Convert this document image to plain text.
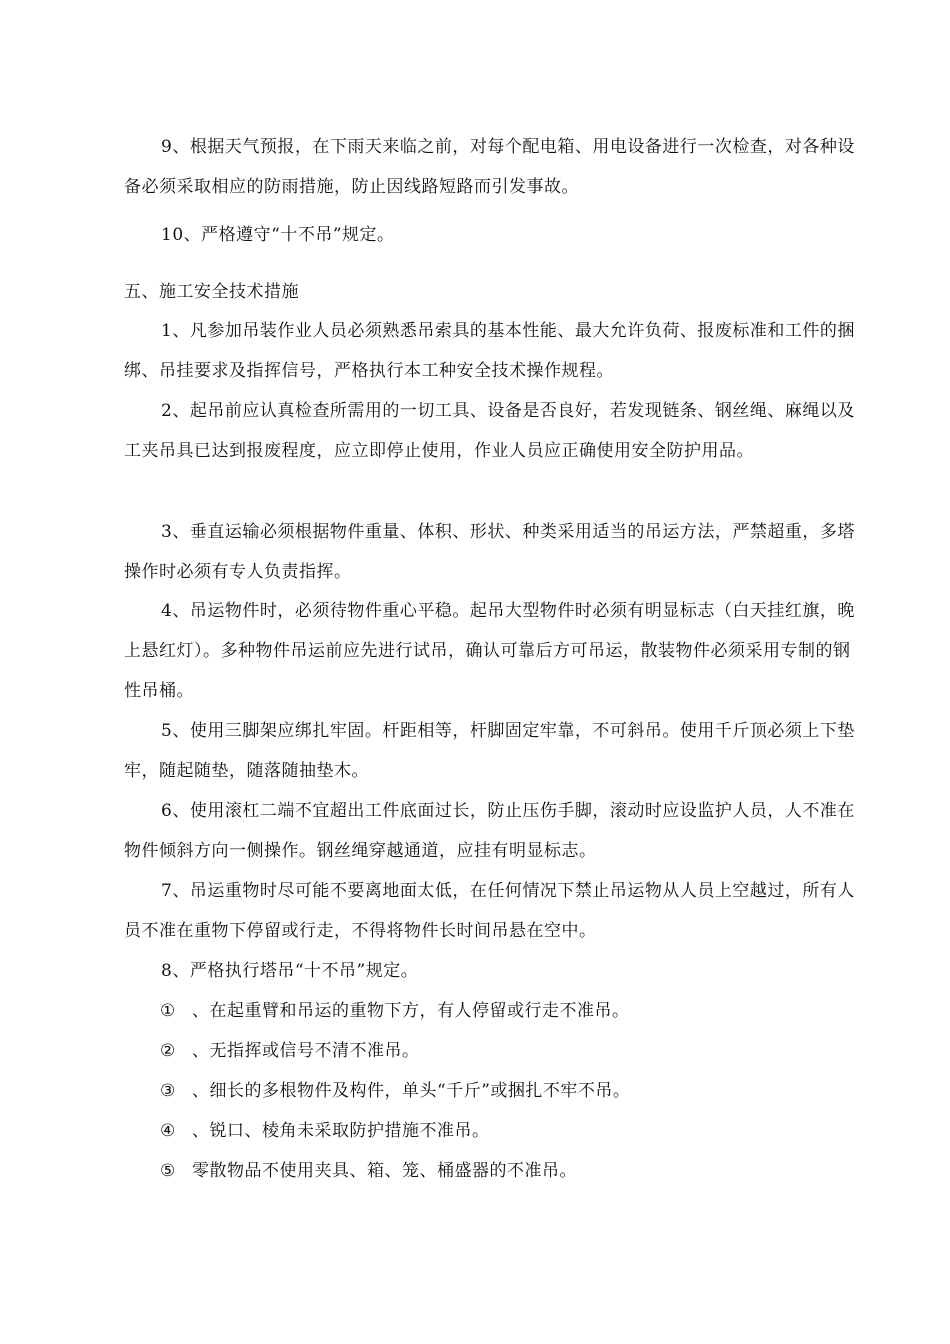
9、根据天气预报，在下雨天来临之前，对每个配电箱、用电设备进行一次检查，对各种设备必须采取相应的防雨措施，防止因线路短路而引发事故。

10、严格遵守“十不吊”规定。

五、施工安全技术措施

1、凡参加吊装作业人员必须熟悉吊索具的基本性能、最大允许负荷、报废标准和工件的捆绑、吊挂要求及指挥信号，严格执行本工种安全技术操作规程。

2、起吊前应认真检查所需用的一切工具、设备是否良好，若发现链条、钢丝绳、麻绳以及工夹吊具已达到报废程度，应立即停止使用，作业人员应正确使用安全防护用品。

3、垂直运输必须根据物件重量、体积、形状、种类采用适当的吊运方法，严禁超重，多塔操作时必须有专人负责指挥。

4、吊运物件时，必须待物件重心平稳。起吊大型物件时必须有明显标志（白天挂红旗，晚上悬红灯）。多种物件吊运前应先进行试吊，确认可靠后方可吊运，散装物件必须采用专制的钢性吊桶。

5、使用三脚架应绑扎牢固。杆距相等，杆脚固定牢靠，不可斜吊。使用千斤顶必须上下垫牢，随起随垫，随落随抽垫木。

6、使用滚杠二端不宜超出工件底面过长，防止压伤手脚，滚动时应设监护人员，人不准在物件倾斜方向一侧操作。钢丝绳穿越通道，应挂有明显标志。

7、吊运重物时尽可能不要离地面太低，在任何情况下禁止吊运物从人员上空越过，所有人员不准在重物下停留或行走，不得将物件长时间吊悬在空中。

8、严格执行塔吊“十不吊”规定。

① 、在起重臂和吊运的重物下方，有人停留或行走不准吊。

② 、无指挥或信号不清不准吊。

③ 、细长的多根物件及构件，单头“千斤”或捆扎不牢不吊。

④ 、锐口、棱角未采取防护措施不准吊。

⑤ 零散物品不使用夹具、箱、笼、桶盛器的不准吊。
